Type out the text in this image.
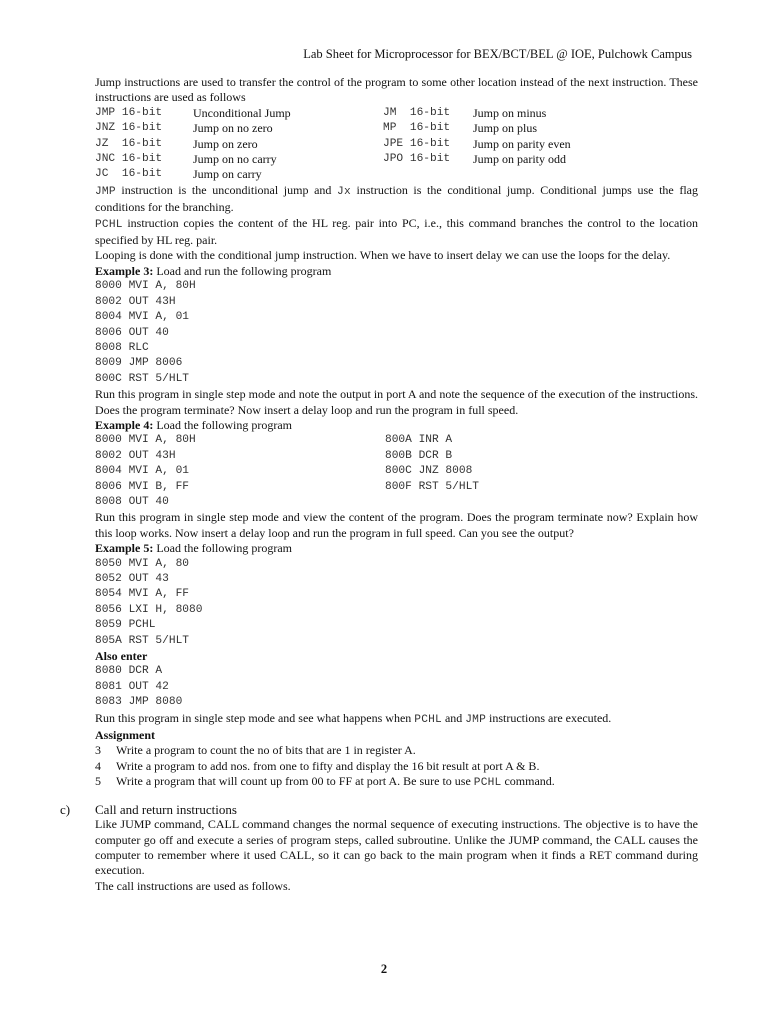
Lab Sheet for Microprocessor for BEX/BCT/BEL @ IOE, Pulchowk Campus

Jump instructions are used to transfer the control of the program to some other location instead of the next instruction. These instructions are used as follows

JMP 16-bit	Unconditional Jump	JM  16-bit	Jump on minus
JNZ 16-bit	Jump on no zero	MP  16-bit	Jump on plus
JZ  16-bit	Jump on zero	JPE 16-bit	Jump on parity even
JNC 16-bit	Jump on no carry	JPO 16-bit	Jump on parity odd
JC  16-bit	Jump on carry

JMP instruction is the unconditional jump and Jx instruction is the conditional jump. Conditional jumps use the flag conditions for the branching.

PCHL instruction copies the content of the HL reg. pair into PC, i.e., this command branches the control to the location specified by HL reg. pair.

Looping is done with the conditional jump instruction. When we have to insert delay we can use the loops for the delay.

Example 3: Load and run the following program

8000 MVI A, 80H
8002 OUT 43H
8004 MVI A, 01
8006 OUT 40
8008 RLC
8009 JMP 8006
800C RST 5/HLT

Run this program in single step mode and note the output in port A and note the sequence of the execution of the instructions. Does the program terminate? Now insert a delay loop and run the program in full speed.

Example 4: Load the following program

8000 MVI A, 80H
8002 OUT 43H
8004 MVI A, 01
8006 MVI B, FF
8008 OUT 40
800A INR A
800B DCR B
800C JNZ 8008
800F RST 5/HLT

Run this program in single step mode and view the content of the program. Does the program terminate now? Explain how this loop works. Now insert a delay loop and run the program in full speed. Can you see the output?

Example 5: Load the following program

8050 MVI A, 80
8052 OUT 43
8054 MVI A, FF
8056 LXI H, 8080
8059 PCHL
805A RST 5/HLT

Also enter

8080 DCR A
8081 OUT 42
8083 JMP 8080

Run this program in single step mode and see what happens when PCHL and JMP instructions are executed.

Assignment

3	Write a program to count the no of bits that are 1 in register A.
4	Write a program to add nos. from one to fifty and display the 16 bit result at port A & B.
5	Write a program that will count up from 00 to FF at port A. Be sure to use PCHL command.
c) Call and return instructions

Like JUMP command, CALL command changes the normal sequence of executing instructions. The objective is to have the computer go off and execute a series of program steps, called subroutine. Unlike the JUMP command, the CALL causes the computer to remember where it used CALL, so it can go back to the main program when it finds a RET command during execution.

The call instructions are used as follows.

2
